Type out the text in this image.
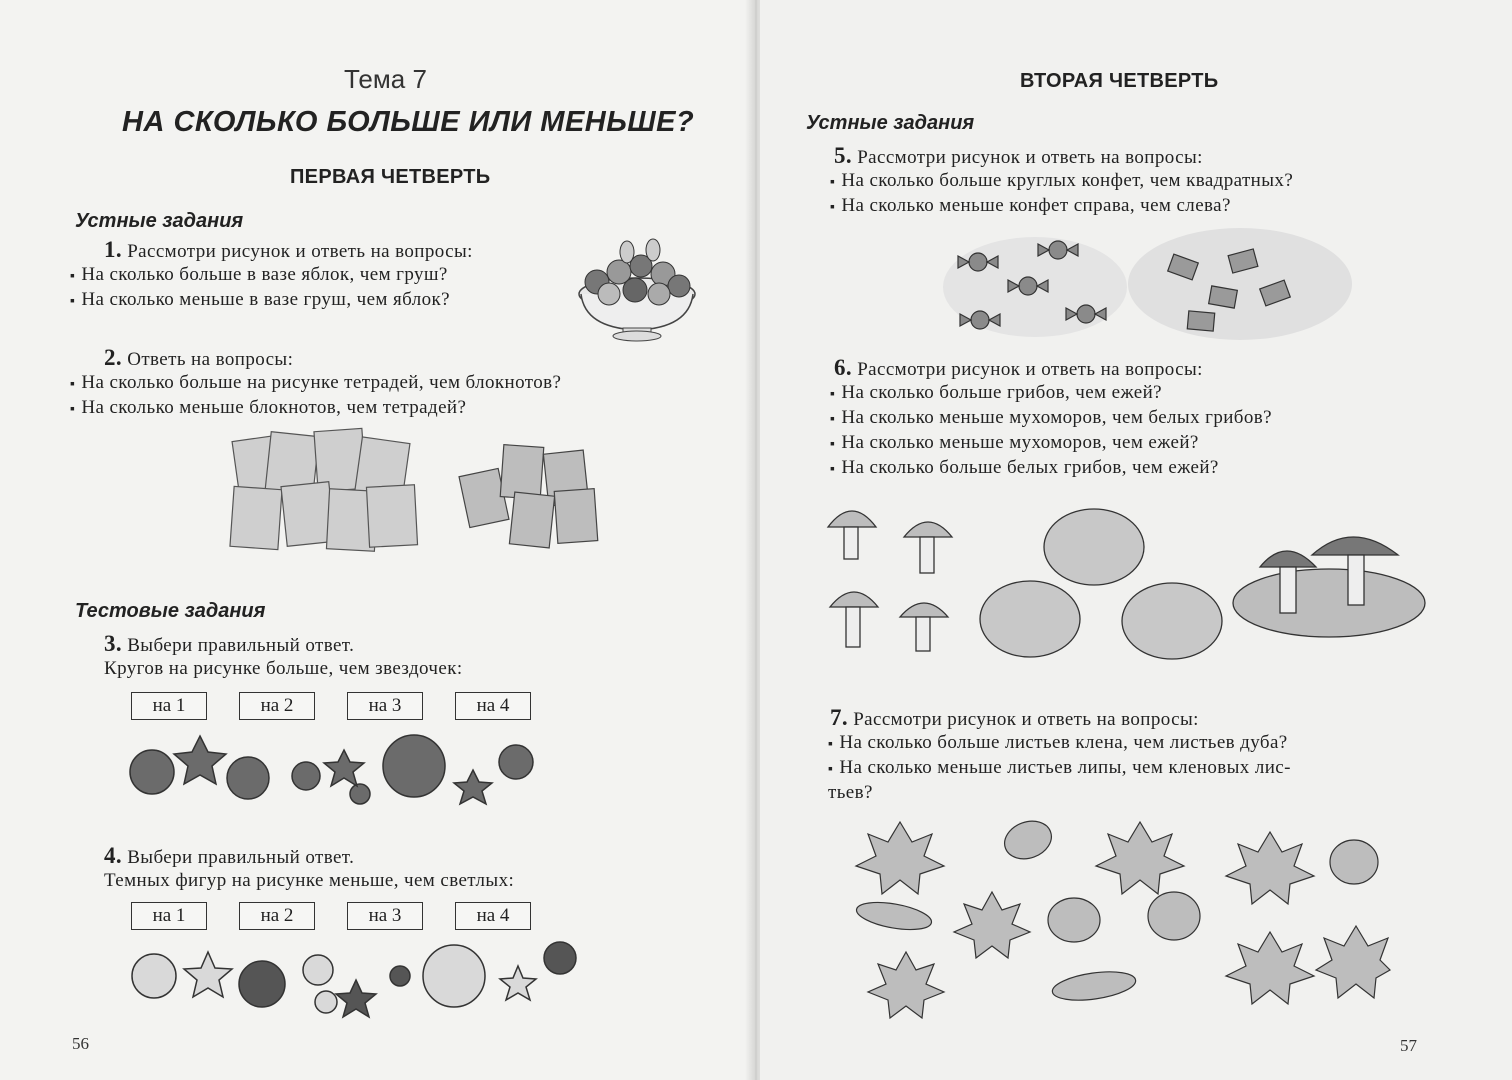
Тема 7
НА СКОЛЬКО БОЛЬШЕ ИЛИ МЕНЬШЕ?
ПЕРВАЯ ЧЕТВЕРТЬ
Устные задания
1. Рассмотри рисунок и ответь на вопросы:
▪ На сколько больше в вазе яблок, чем груш?
▪ На сколько меньше в вазе груш, чем яблок?
2. Ответь на вопросы:
▪ На сколько больше на рисунке тетрадей, чем блокнотов?
▪ На сколько меньше блокнотов, чем тетрадей?
Тестовые задания
3. Выбери правильный ответ.
Кругов на рисунке больше, чем звездочек:
на 1	на 2	на 3	на 4
4. Выбери правильный ответ.
Темных фигур на рисунке меньше, чем светлых:
на 1	на 2	на 3	на 4
56
ВТОРАЯ ЧЕТВЕРТЬ
Устные задания
5. Рассмотри рисунок и ответь на вопросы:
▪ На сколько больше круглых конфет, чем квадратных?
▪ На сколько меньше конфет справа, чем слева?
6. Рассмотри рисунок и ответь на вопросы:
▪ На сколько больше грибов, чем ежей?
▪ На сколько меньше мухоморов, чем белых грибов?
▪ На сколько меньше мухоморов, чем ежей?
▪ На сколько больше белых грибов, чем ежей?
7. Рассмотри рисунок и ответь на вопросы:
▪ На сколько больше листьев клена, чем листьев дуба?
▪ На сколько меньше листьев липы, чем кленовых лис-
тьев?
57
